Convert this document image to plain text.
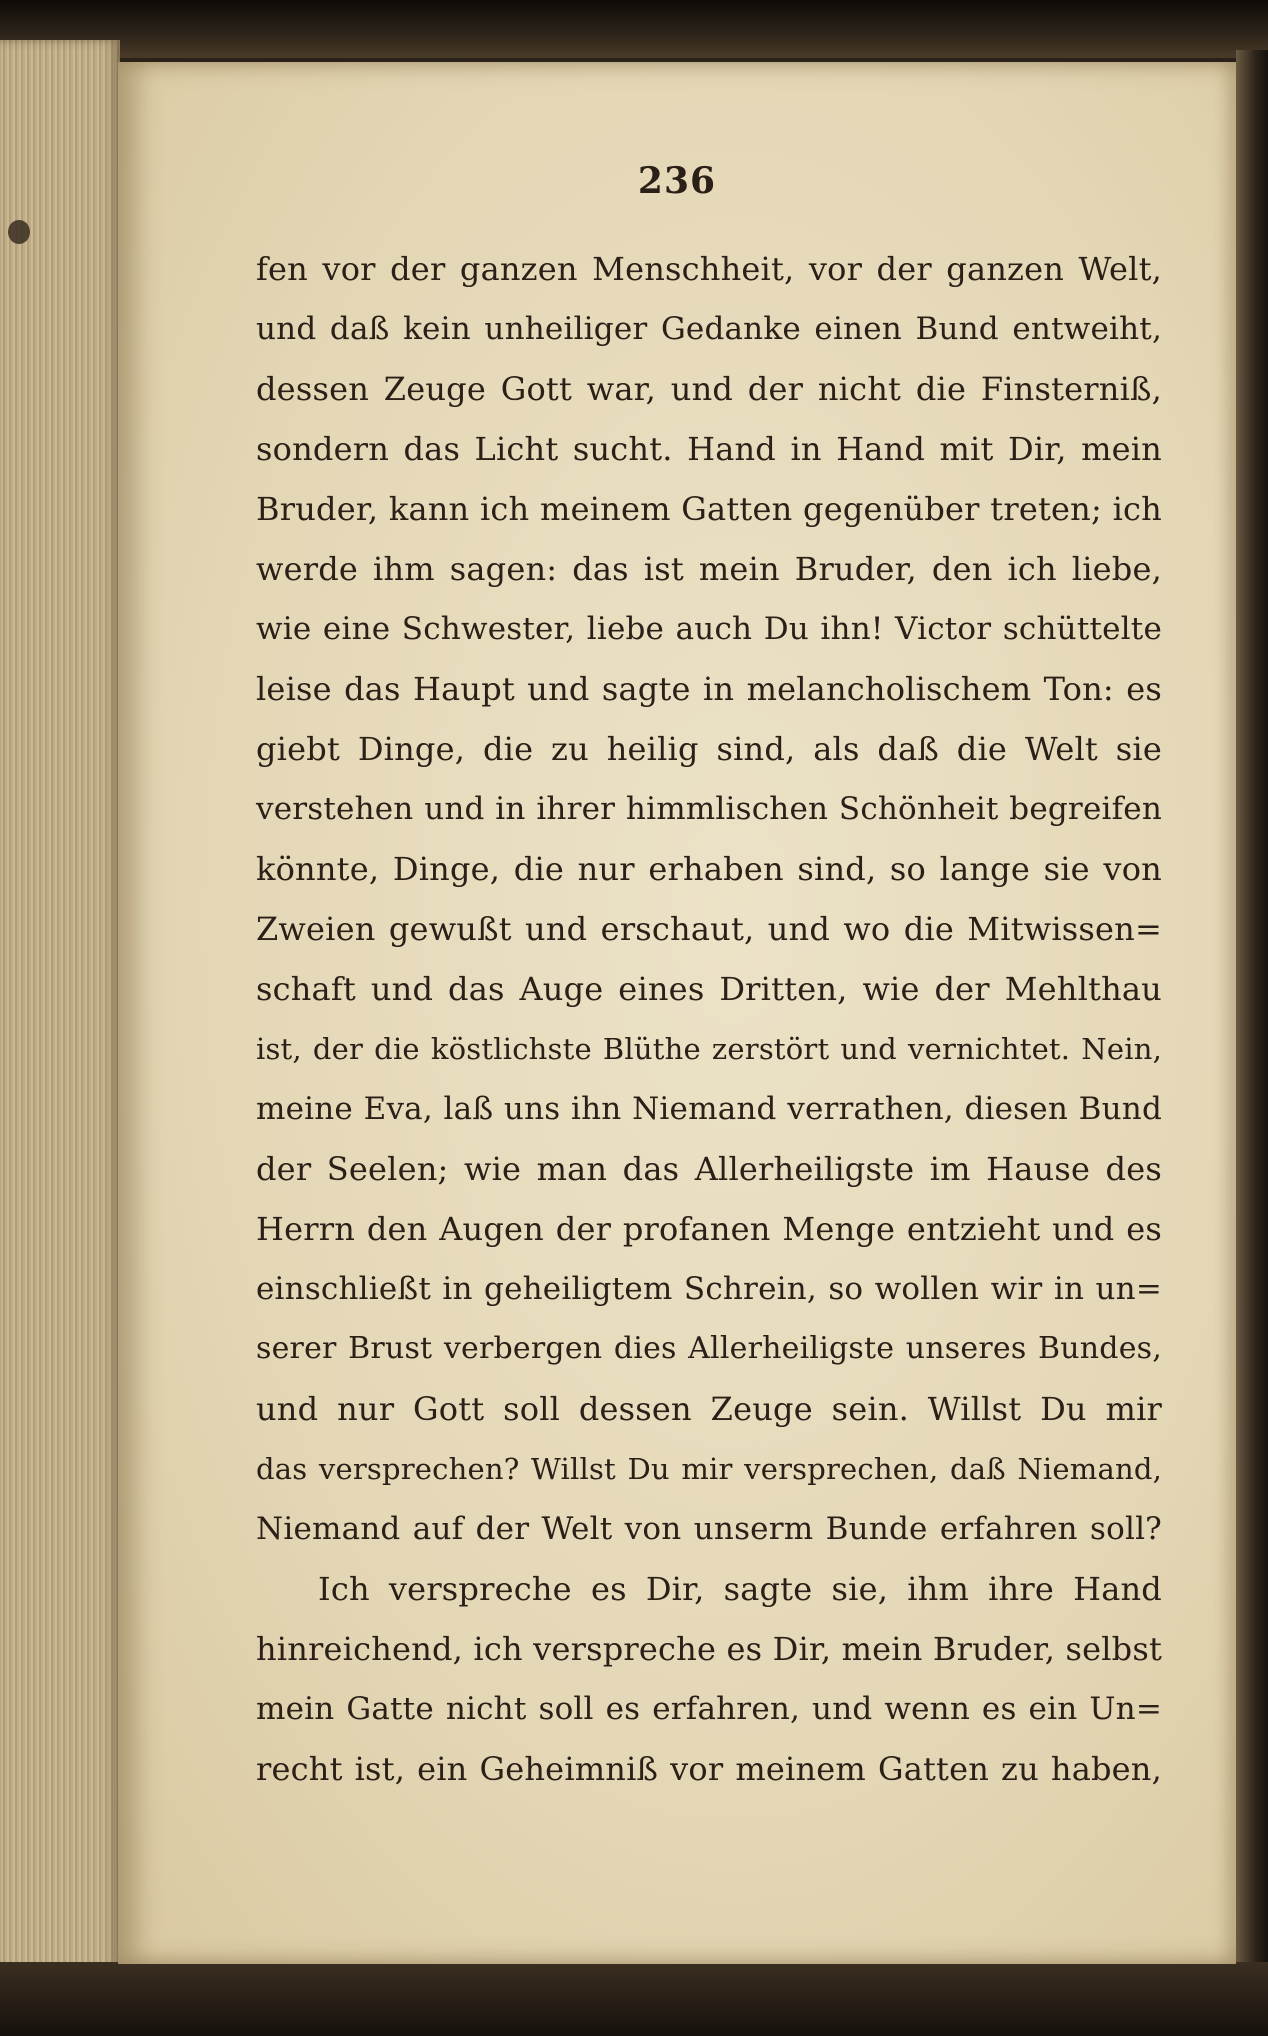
236
fen vor der ganzen Menschheit, vor der ganzen Welt,
und daß kein unheiliger Gedanke einen Bund entweiht,
dessen Zeuge Gott war, und der nicht die Finsterniß,
sondern das Licht sucht. Hand in Hand mit Dir, mein
Bruder, kann ich meinem Gatten gegenüber treten; ich
werde ihm sagen: das ist mein Bruder, den ich liebe,
wie eine Schwester, liebe auch Du ihn! Victor schüttelte
leise das Haupt und sagte in melancholischem Ton: es
giebt Dinge, die zu heilig sind, als daß die Welt sie
verstehen und in ihrer himmlischen Schönheit begreifen
könnte, Dinge, die nur erhaben sind, so lange sie von
Zweien gewußt und erschaut, und wo die Mitwissen=
schaft und das Auge eines Dritten, wie der Mehlthau
ist, der die köstlichste Blüthe zerstört und vernichtet. Nein,
meine Eva, laß uns ihn Niemand verrathen, diesen Bund
der Seelen; wie man das Allerheiligste im Hause des
Herrn den Augen der profanen Menge entzieht und es
einschließt in geheiligtem Schrein, so wollen wir in un=
serer Brust verbergen dies Allerheiligste unseres Bundes,
und nur Gott soll dessen Zeuge sein. Willst Du mir
das versprechen? Willst Du mir versprechen, daß Niemand,
Niemand auf der Welt von unserm Bunde erfahren soll?
Ich verspreche es Dir, sagte sie, ihm ihre Hand
hinreichend, ich verspreche es Dir, mein Bruder, selbst
mein Gatte nicht soll es erfahren, und wenn es ein Un=
recht ist, ein Geheimniß vor meinem Gatten zu haben,
